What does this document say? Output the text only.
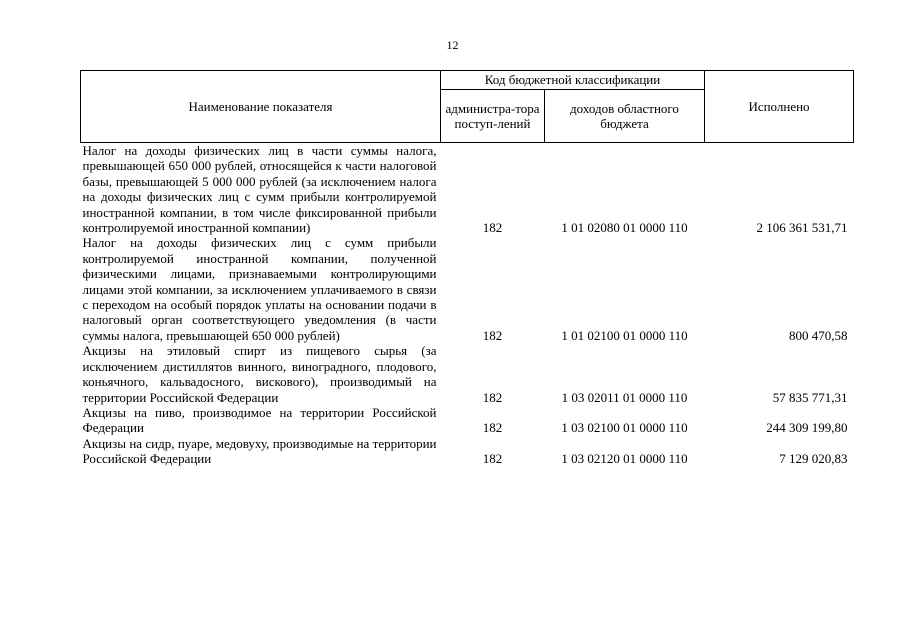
12
Наименование показателя	Код бюджетной классификации		Исполнено
	администра-тора поступ-лений	доходов областного бюджета	
Налог на доходы физических лиц в части суммы налога, превышающей 650 000 рублей, относящейся к части налоговой базы, превышающей 5 000 000 рублей (за исключением налога на доходы физических лиц с сумм прибыли контролируемой иностранной компании, в том числе фиксированной прибыли контролируемой иностранной компании)	182	1 01 02080 01 0000 110	2 106 361 531,71
Налог на доходы физических лиц с сумм прибыли контролируемой иностранной компании, полученной физическими лицами, признаваемыми контролирующими лицами этой компании, за исключением уплачиваемого в связи с переходом на особый порядок уплаты на основании подачи в налоговый орган соответствующего уведомления (в части суммы налога, превышающей 650 000 рублей)	182	1 01 02100 01 0000 110	800 470,58
Акцизы на этиловый спирт из пищевого сырья (за исключением дистиллятов винного, виноградного, плодового, коньячного, кальвадосного, вискового), производимый на территории Российской Федерации	182	1 03 02011 01 0000 110	57 835 771,31
Акцизы на пиво, производимое на территории Российской Федерации	182	1 03 02100 01 0000 110	244 309 199,80
Акцизы на сидр, пуаре, медовуху, производимые на территории Российской Федерации	182	1 03 02120 01 0000 110	7 129 020,83
